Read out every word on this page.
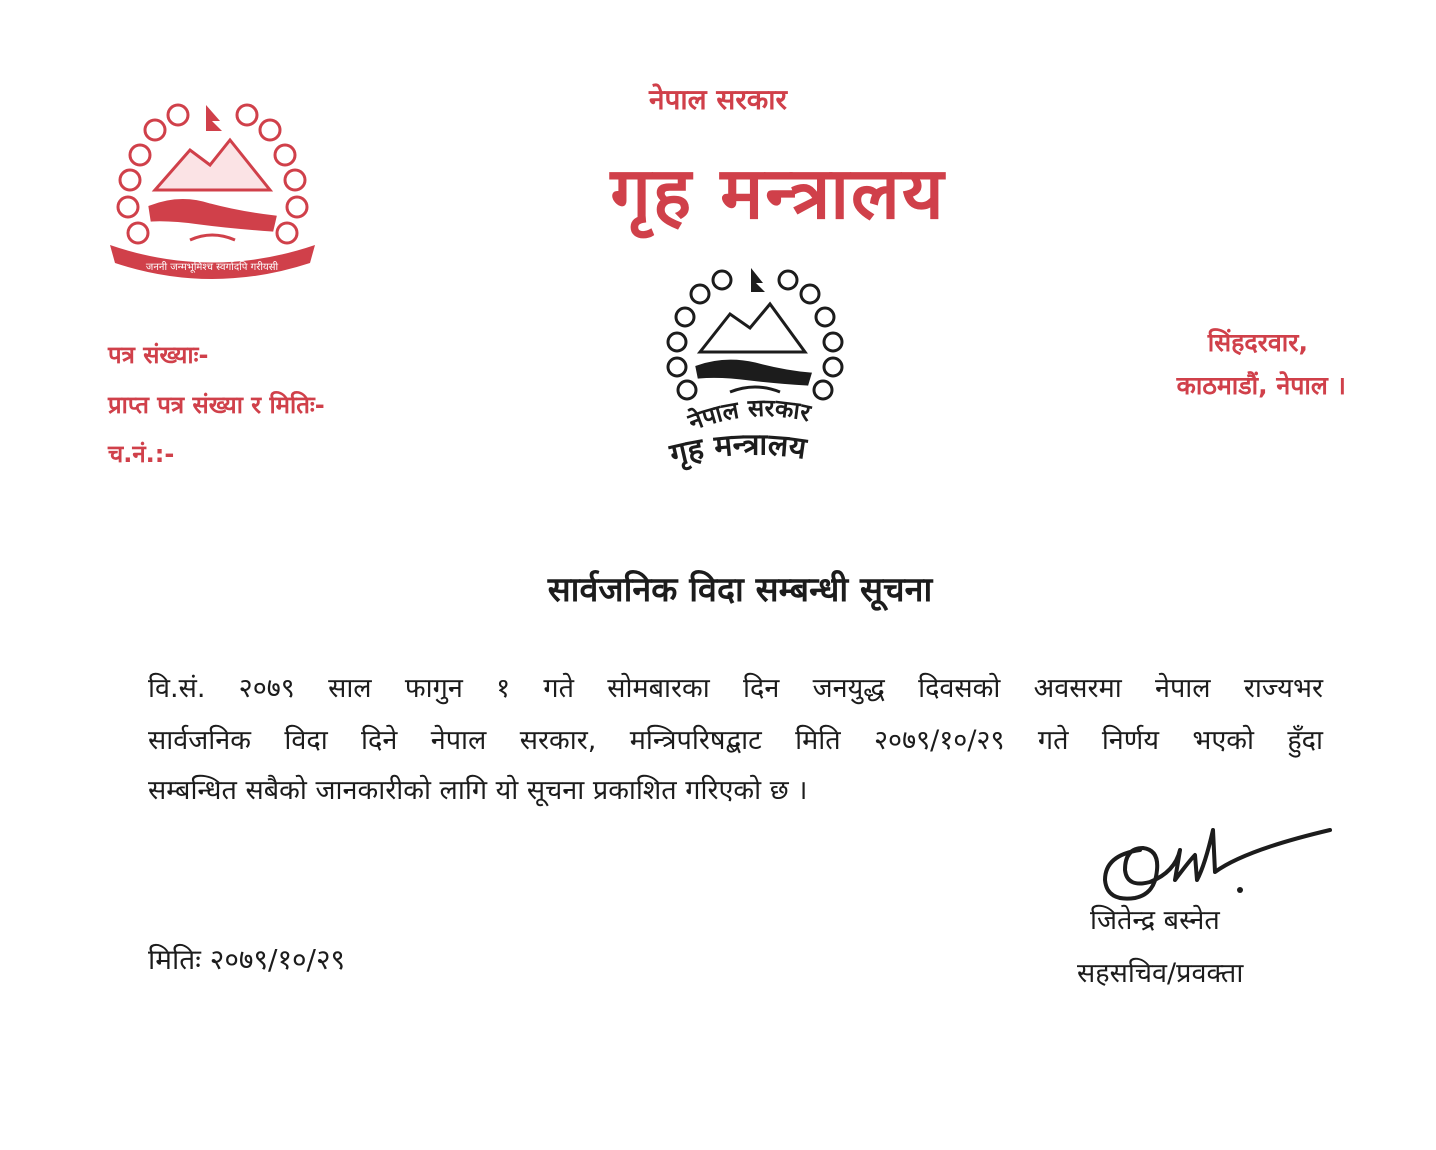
जननी जन्मभूमिश्च स्वर्गादपि गरीयसी
नेपाल सरकार
गृह मन्त्रालय
नेपाल सरकार
गृह मन्त्रालय
पत्र संख्याः-
प्राप्त पत्र संख्या र मितिः-
च.नं.:-
सिंहदरवार,
काठमाडौं, नेपाल ।
सार्वजनिक विदा सम्बन्धी सूचना
वि.सं. २०७९ साल फागुन १ गते सोमबारका दिन जनयुद्ध दिवसको अवसरमा नेपाल राज्यभर
सार्वजनिक विदा दिने नेपाल सरकार, मन्त्रिपरिषद्बाट मिति २०७९/१०/२९ गते निर्णय भएको हुँदा
सम्बन्धित सबैको जानकारीको लागि यो सूचना प्रकाशित गरिएको छ ।
मितिः २०७९/१०/२९
जितेन्द्र बस्नेत
सहसचिव/प्रवक्ता
